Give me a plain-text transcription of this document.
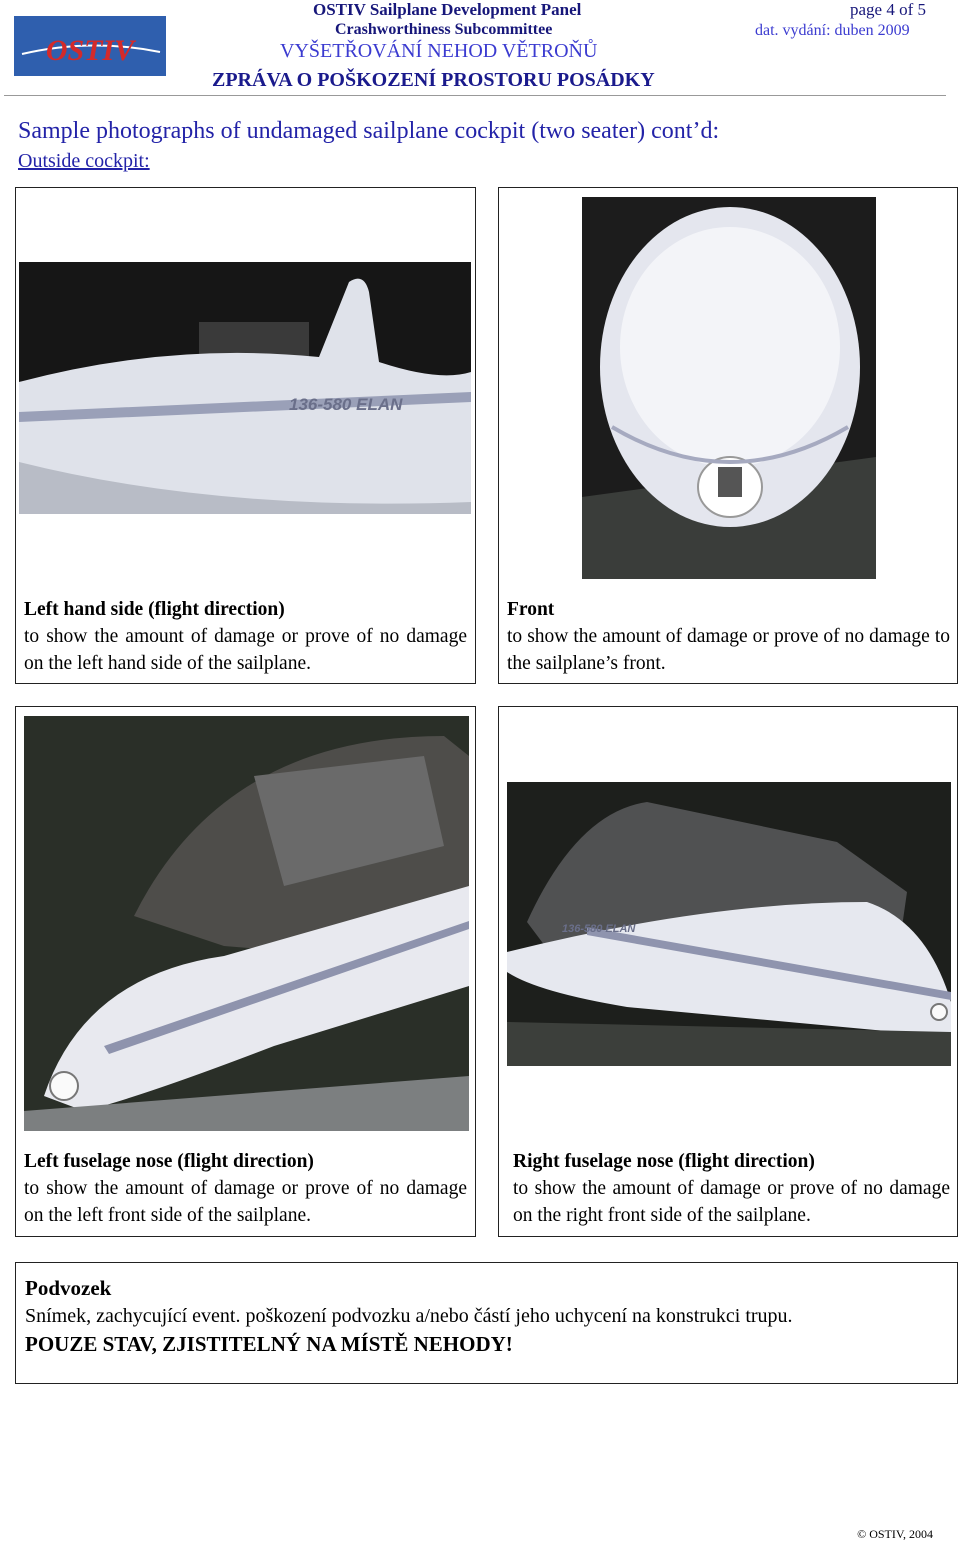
OSTIV
OSTIV Sailplane Development Panel
Crashworthiness Subcommittee
VYŠETŘOVÁNÍ NEHOD VĚTROŇŮ
ZPRÁVA O POŠKOZENÍ PROSTORU POSÁDKY
page 4 of 5
dat. vydání: duben 2009
Sample photographs of undamaged sailplane cockpit (two seater) cont’d:
Outside cockpit:
136-580 ELAN
Left hand side (flight direction)
to show the amount of damage or prove of no damage on the left hand side of the sailplane.
Front
to show the amount of damage or prove of no damage to the sailplane’s front.
Left fuselage nose (flight direction)
to show the amount of damage or prove of no damage on the left front side of the sailplane.
136-580 ELAN
Right fuselage nose (flight direction)
to show the amount of damage or prove of no damage on the right front side of the sailplane.
Podvozek
Snímek, zachycující event. poškození podvozku a/nebo částí jeho uchycení na konstrukci trupu.
POUZE STAV, ZJISTITELNÝ NA MÍSTĚ NEHODY!
© OSTIV, 2004
